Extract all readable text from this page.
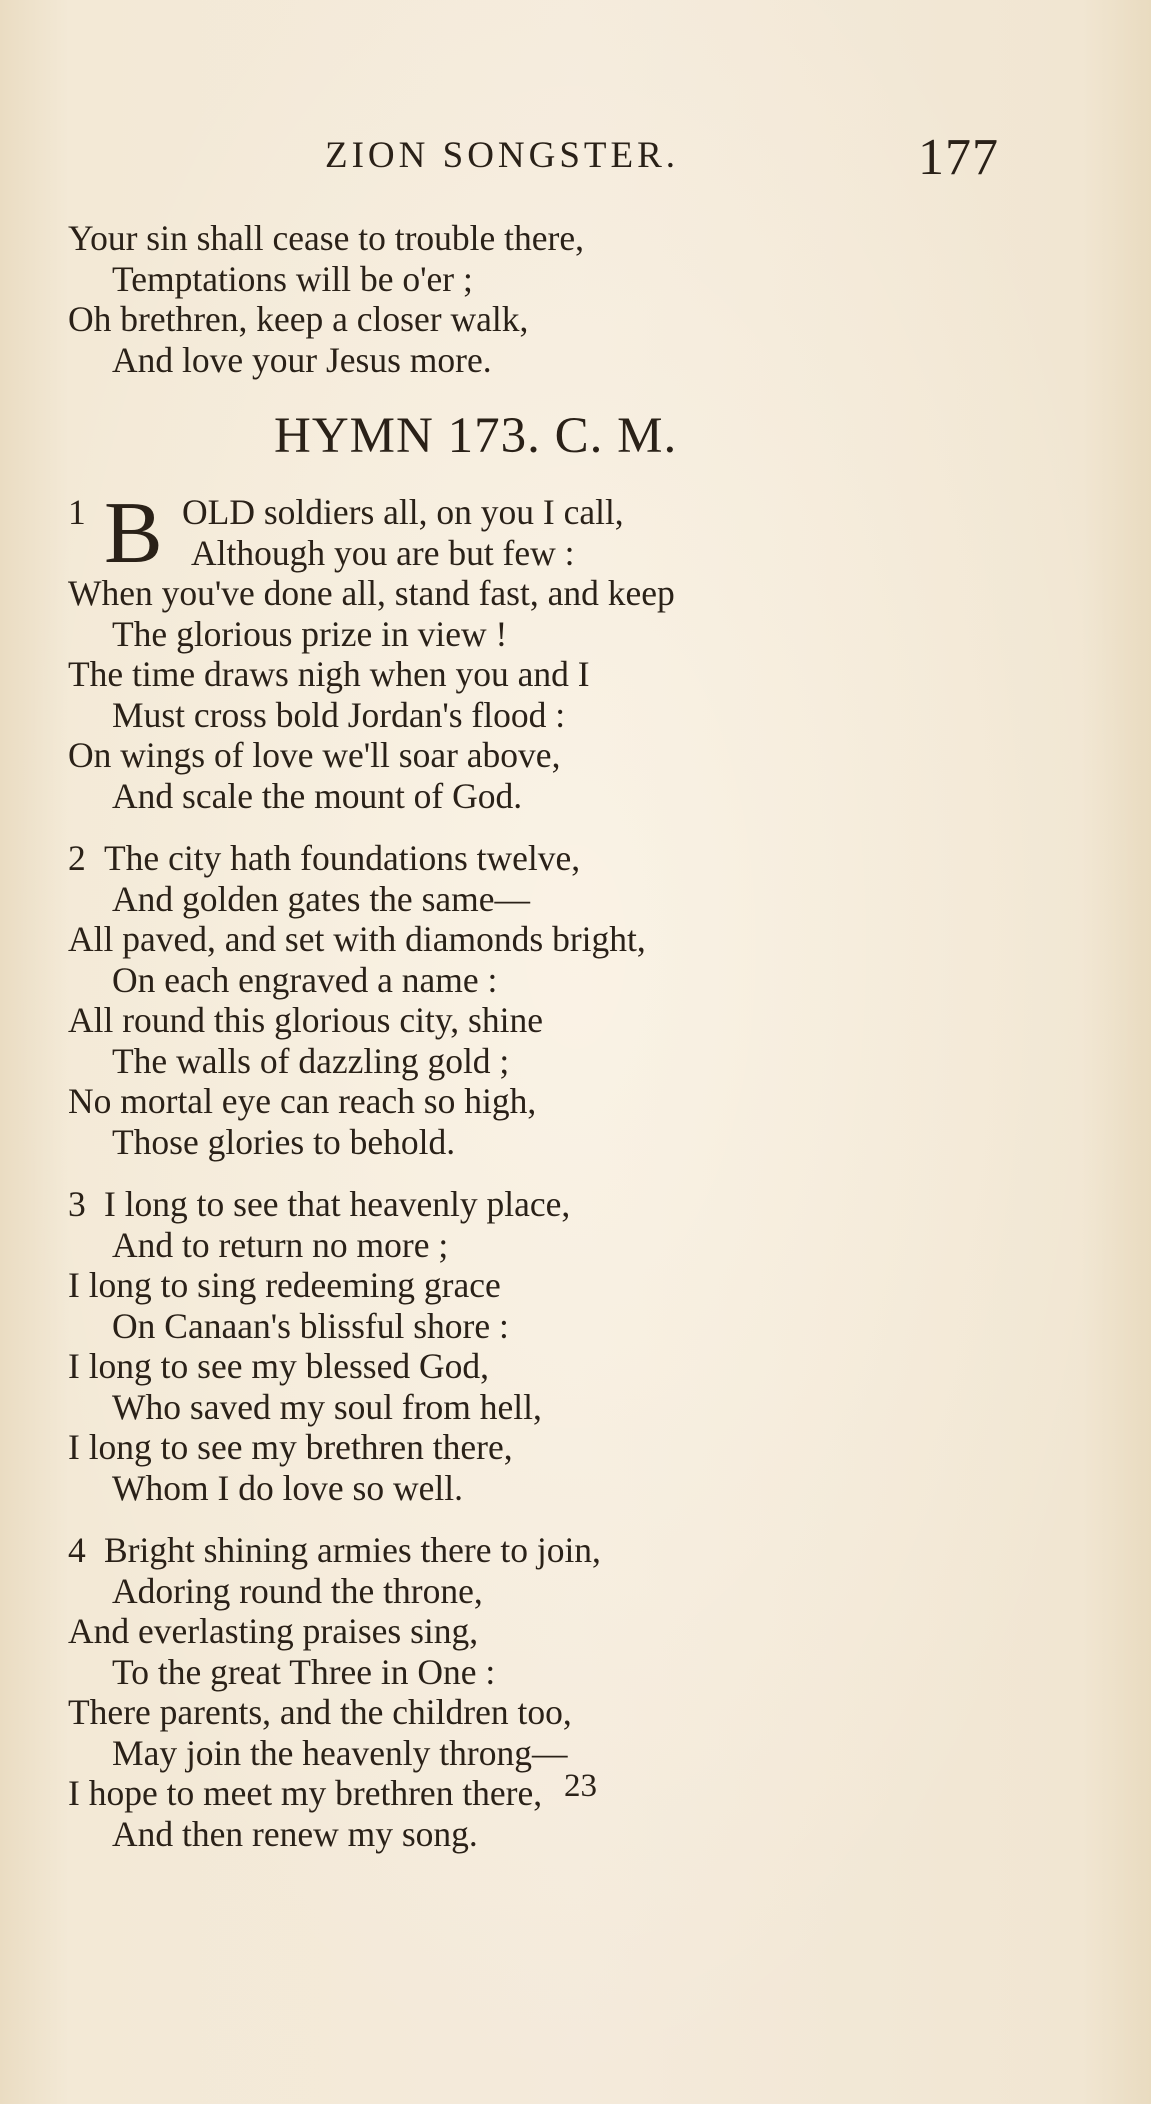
ZION SONGSTER.	177
Your sin shall cease to trouble there,
Temptations will be o'er ;
Oh brethren, keep a closer walk,
And love your Jesus more.
HYMN 173. C. M.
B
1	OLD soldiers all, on you I call,
Although you are but few :
When you've done all, stand fast, and keep
The glorious prize in view !
The time draws nigh when you and I
Must cross bold Jordan's flood :
On wings of love we'll soar above,
And scale the mount of God.
2 The city hath foundations twelve,
And golden gates the same—
All paved, and set with diamonds bright,
On each engraved a name :
All round this glorious city, shine
The walls of dazzling gold ;
No mortal eye can reach so high,
Those glories to behold.
3 I long to see that heavenly place,
And to return no more ;
I long to sing redeeming grace
On Canaan's blissful shore :
I long to see my blessed God,
Who saved my soul from hell,
I long to see my brethren there,
Whom I do love so well.
4 Bright shining armies there to join,
Adoring round the throne,
And everlasting praises sing,
To the great Three in One :
There parents, and the children too,
May join the heavenly throng—
I hope to meet my brethren there,
And then renew my song.
23
